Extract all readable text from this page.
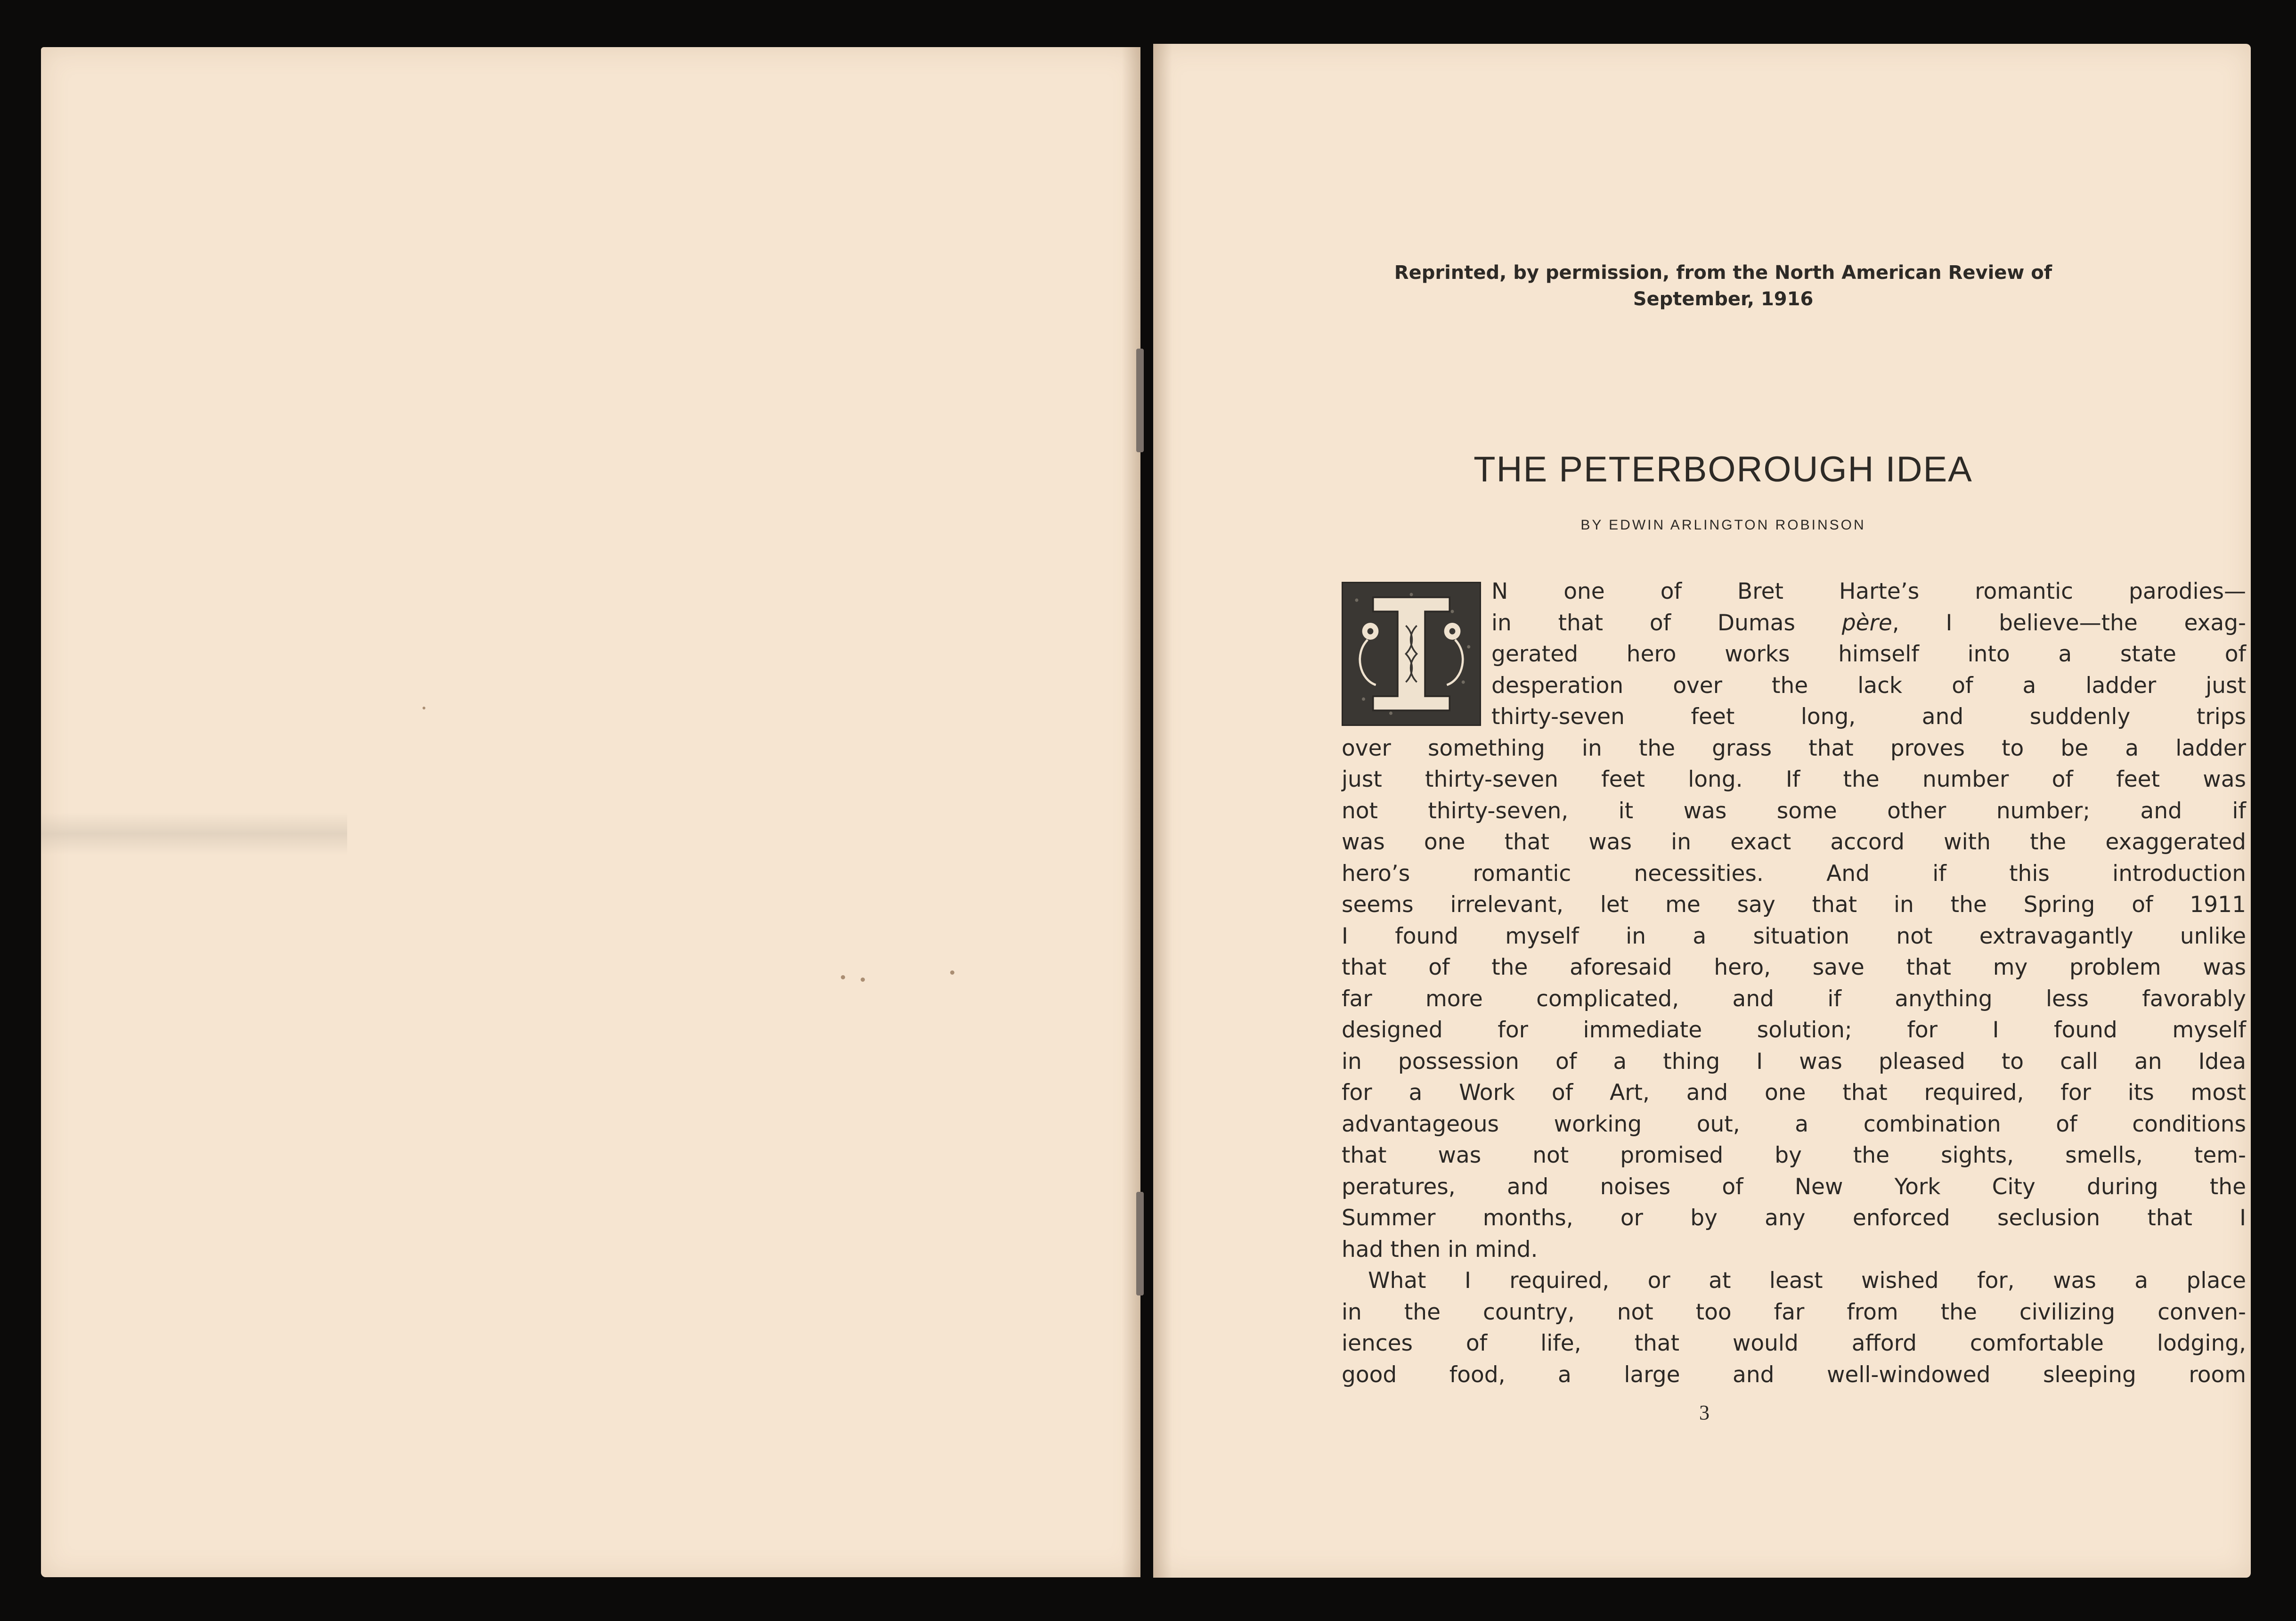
Reprinted, by permission, from the North American Review of
September, 1916
THE PETERBOROUGH IDEA
BY EDWIN ARLINGTON ROBINSON
N one of Bret Harte’s romantic parodies—
in that of Dumas père, I believe—the exag-
gerated hero works himself into a state of
desperation over the lack of a ladder just
thirty-seven feet long, and suddenly trips
over something in the grass that proves to be a ladder
just thirty-seven feet long. If the number of feet was
not thirty-seven, it was some other number; and if
was one that was in exact accord with the exaggerated
hero’s romantic necessities. And if this introduction
seems irrelevant, let me say that in the Spring of 1911
I found myself in a situation not extravagantly unlike
that of the aforesaid hero, save that my problem was
far more complicated, and if anything less favorably
designed for immediate solution; for I found myself
in possession of a thing I was pleased to call an Idea
for a Work of Art, and one that required, for its most
advantageous working out, a combination of conditions
that was not promised by the sights, smells, tem-
peratures, and noises of New York City during the
Summer months, or by any enforced seclusion that I
had then in mind.
What I required, or at least wished for, was a place
in the country, not too far from the civilizing conven-
iences of life, that would afford comfortable lodging,
good food, a large and well-windowed sleeping room
3
